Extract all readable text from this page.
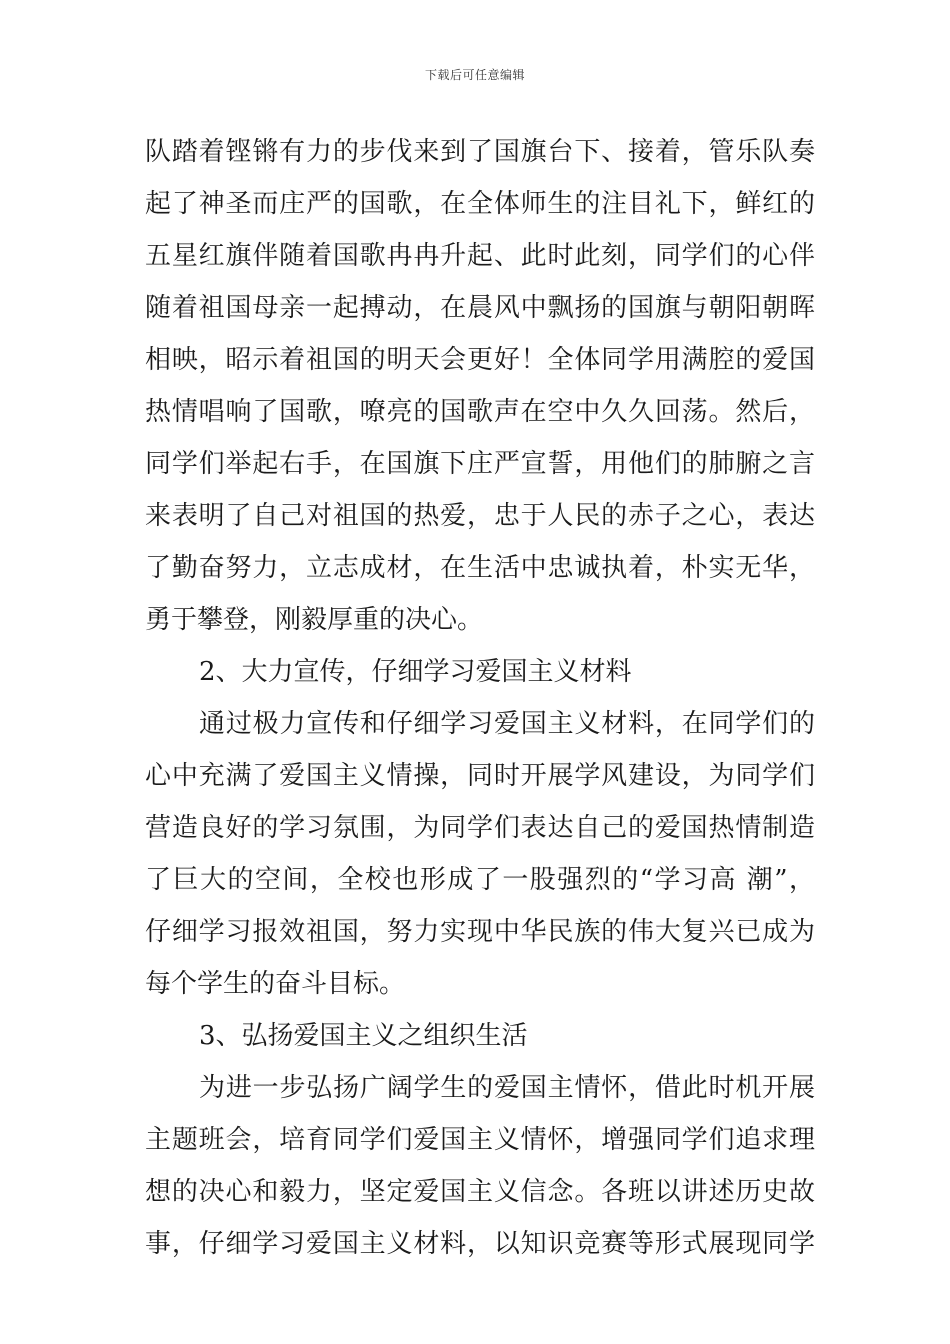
下载后可任意编辑
队踏着铿锵有力的步伐来到了国旗台下、接着，管乐队奏
起了神圣而庄严的国歌，在全体师生的注目礼下，鲜红的
五星红旗伴随着国歌冉冉升起、此时此刻，同学们的心伴
随着祖国母亲一起搏动，在晨风中飘扬的国旗与朝阳朝晖
相映，昭示着祖国的明天会更好！全体同学用满腔的爱国
热情唱响了国歌，嘹亮的国歌声在空中久久回荡。然后，
同学们举起右手，在国旗下庄严宣誓，用他们的肺腑之言
来表明了自己对祖国的热爱，忠于人民的赤子之心，表达
了勤奋努力，立志成材，在生活中忠诚执着，朴实无华，
勇于攀登，刚毅厚重的决心。
2、大力宣传，仔细学习爱国主义材料
通过极力宣传和仔细学习爱国主义材料，在同学们的
心中充满了爱国主义情操，同时开展学风建设，为同学们
营造良好的学习氛围，为同学们表达自己的爱国热情制造
了巨大的空间，全校也形成了一股强烈的“学习高 潮”，
仔细学习报效祖国，努力实现中华民族的伟大复兴已成为
每个学生的奋斗目标。
3、弘扬爱国主义之组织生活
为进一步弘扬广阔学生的爱国主情怀，借此时机开展
主题班会，培育同学们爱国主义情怀，增强同学们追求理
想的决心和毅力，坚定爱国主义信念。各班以讲述历史故
事，仔细学习爱国主义材料，以知识竞赛等形式展现同学
